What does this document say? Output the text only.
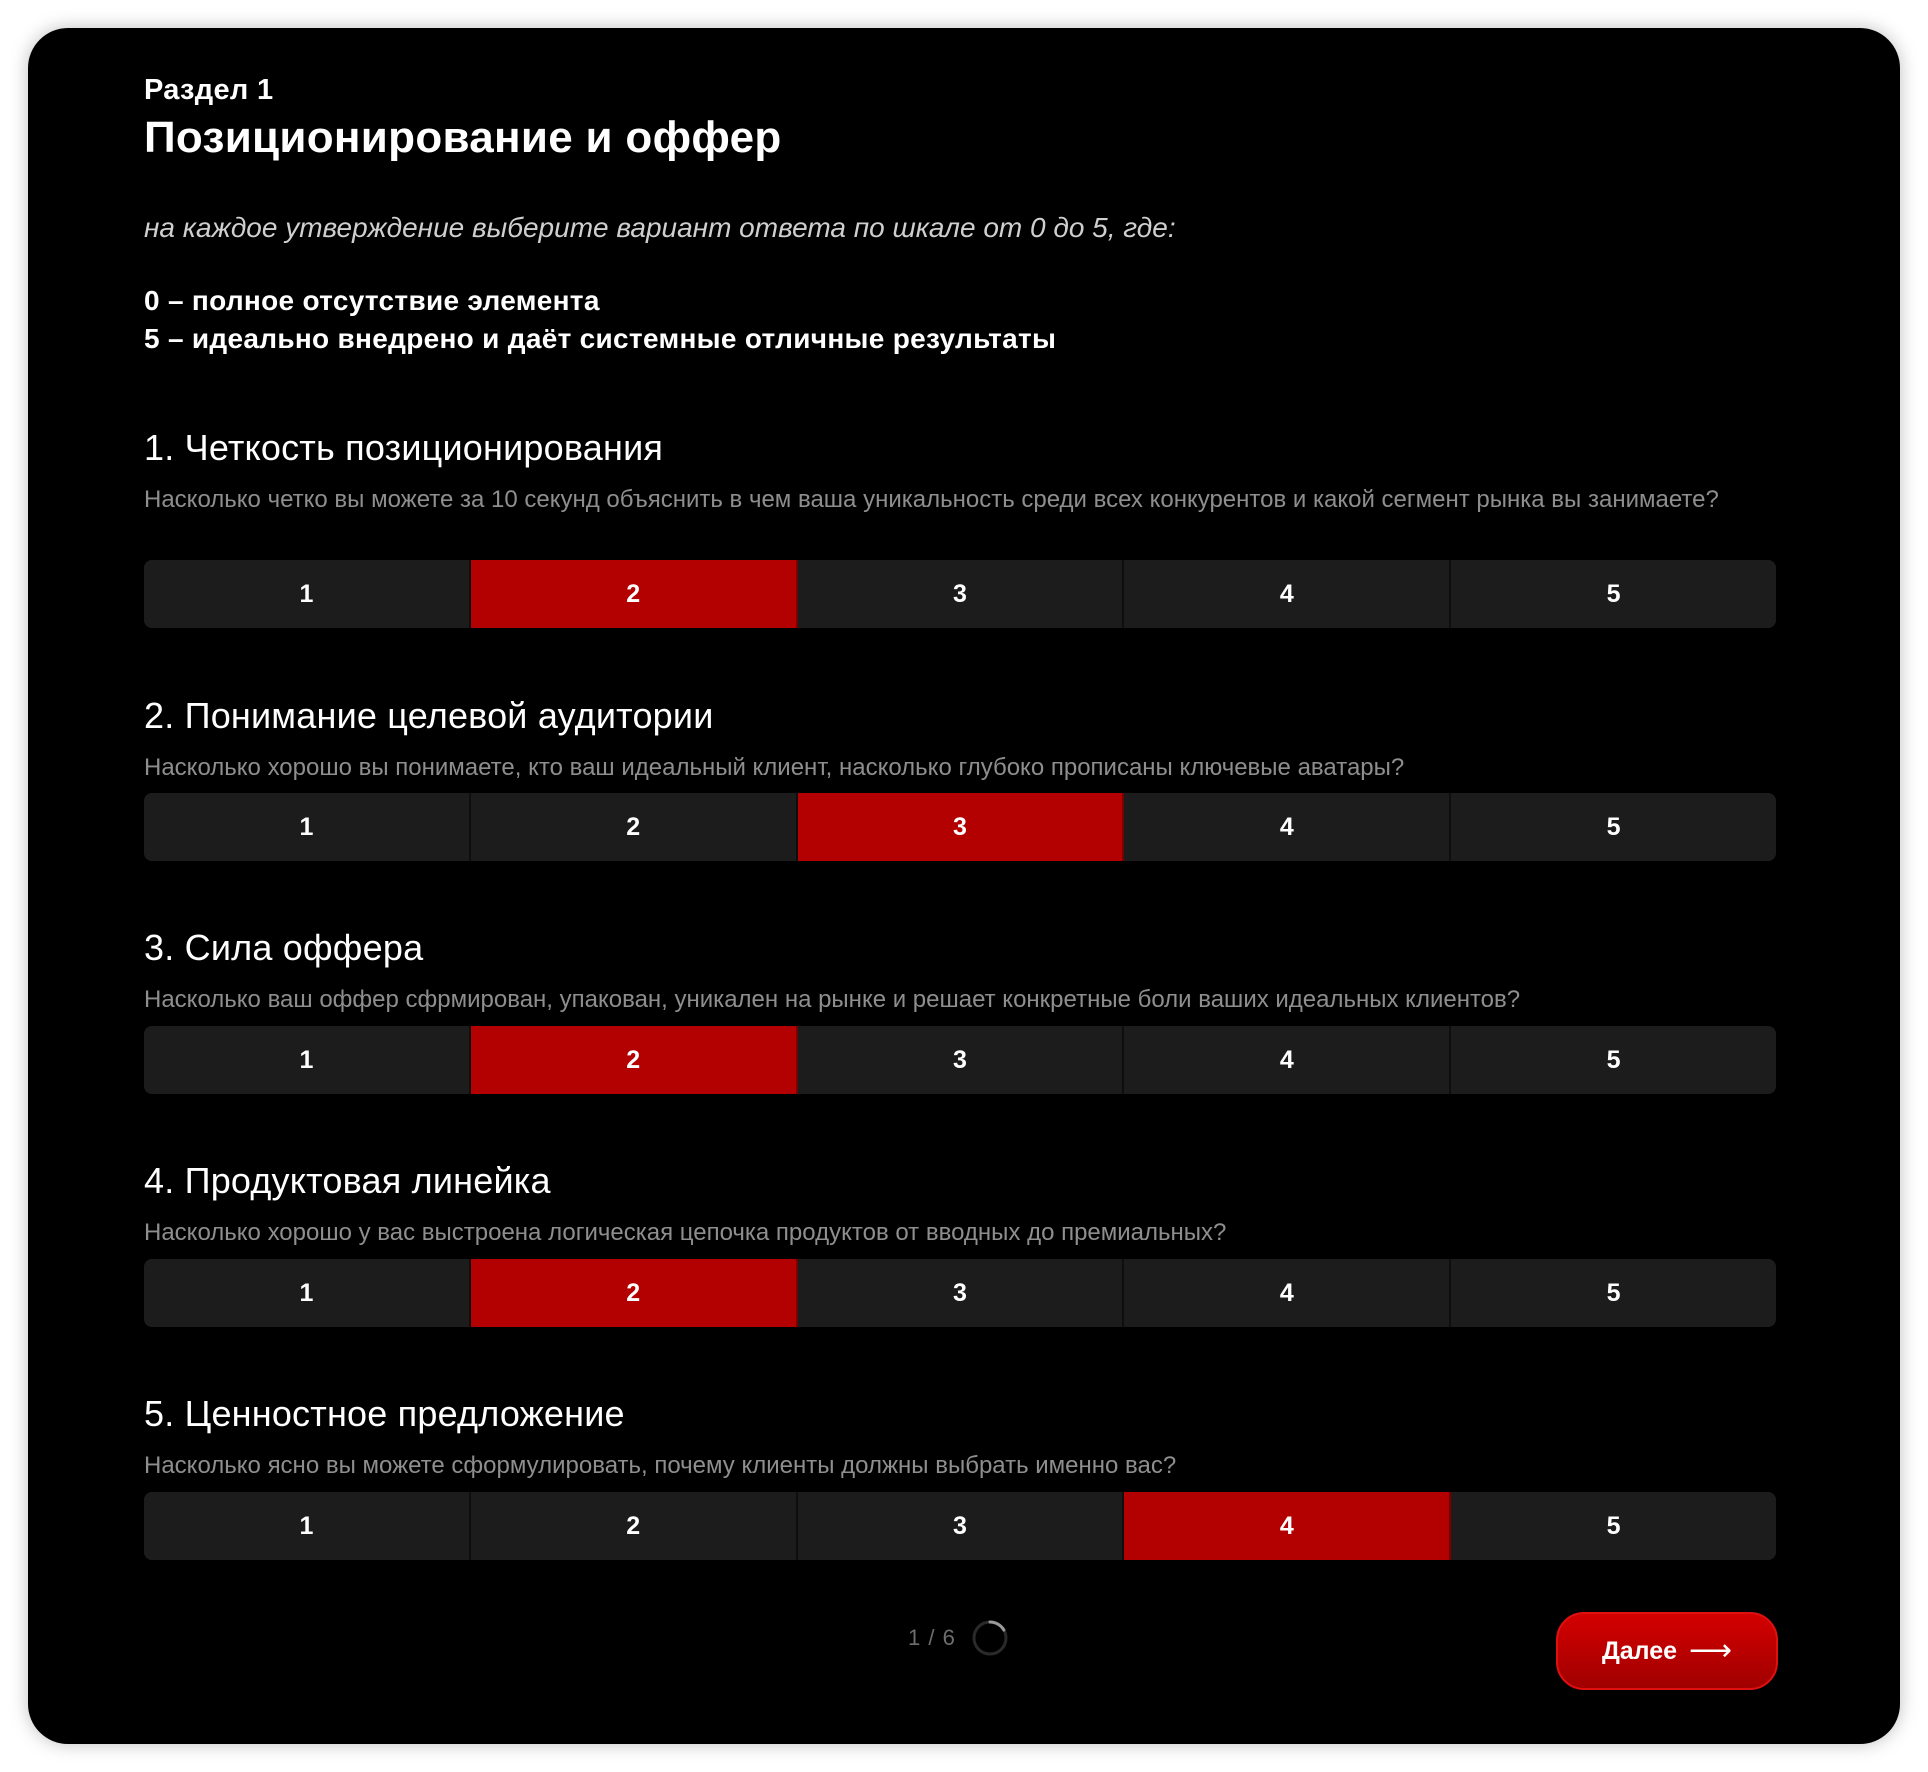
Раздел 1
Позиционирование и оффер
на каждое утверждение выберите вариант ответа по шкале от 0 до 5, где:
0 – полное отсутствие элемента
5 – идеально внедрено и даёт системные отличные результаты
1. Четкость позиционирования
Насколько четко вы можете за 10 секунд объяснить в чем ваша уникальность среди всех конкурентов и какой сегмент рынка вы занимаете?
1	2	3	4	5
2. Понимание целевой аудитории
Насколько хорошо вы понимаете, кто ваш идеальный клиент, насколько глубоко прописаны ключевые аватары?
1	2	3	4	5
3. Сила оффера
Насколько ваш оффер сфрмирован, упакован, уникален на рынке и решает конкретные боли ваших идеальных клиентов?
1	2	3	4	5
4. Продуктовая линейка
Насколько хорошо у вас выстроена логическая цепочка продуктов от вводных до премиальных?
1	2	3	4	5
5. Ценностное предложение
Насколько ясно вы можете сформулировать, почему клиенты должны выбрать именно вас?
1	2	3	4	5
1 / 6	Далее ⟶
